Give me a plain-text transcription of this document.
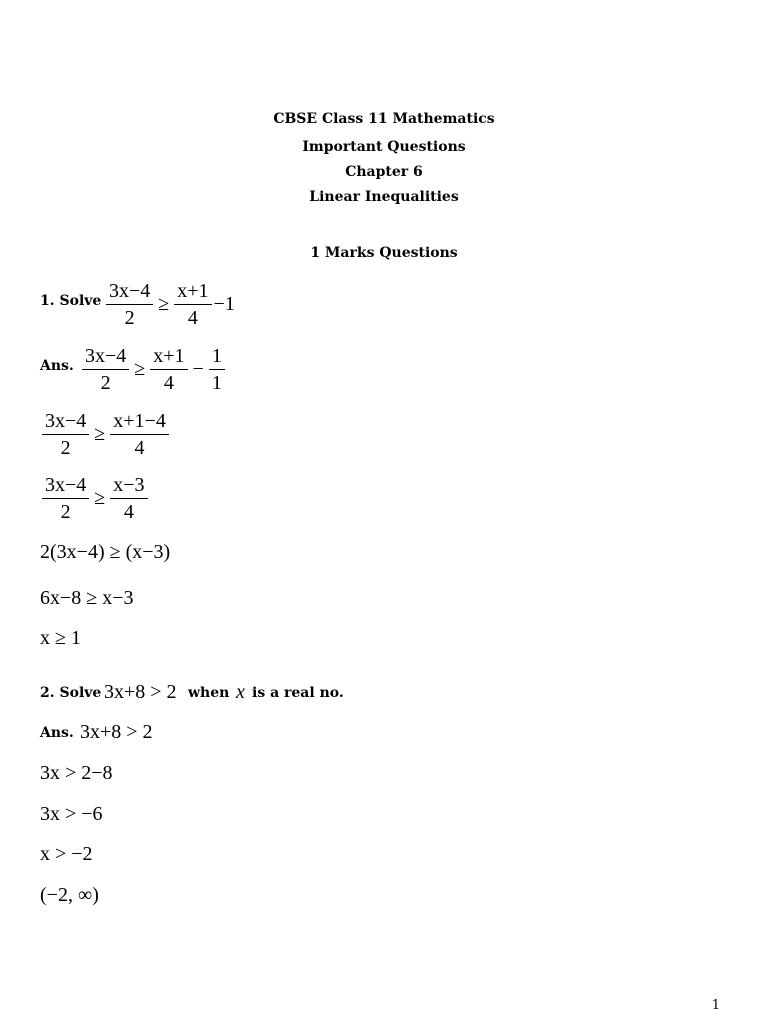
CBSE Class 11 Mathematics
Important Questions
Chapter 6
Linear Inequalities
1 Marks Questions
1. Solve $\frac{3x-4}{2} \ge \frac{x+1}{4} -1$
Ans. $\frac{3x-4}{2} \ge \frac{x+1}{4} - \frac{1}{1}$
$\frac{3x-4}{2} \ge \frac{x+1-4}{4}$
$\frac{3x-4}{2} \ge \frac{x-3}{4}$
2(3x−4) ≥ (x−3)
6x−8 ≥ x−3
x ≥ 1
2. Solve 3x+8 > 2 when x is a real no.
Ans. 3x+8 > 2
3x > 2−8
3x > −6
x > −2
(−2, ∞)
1
